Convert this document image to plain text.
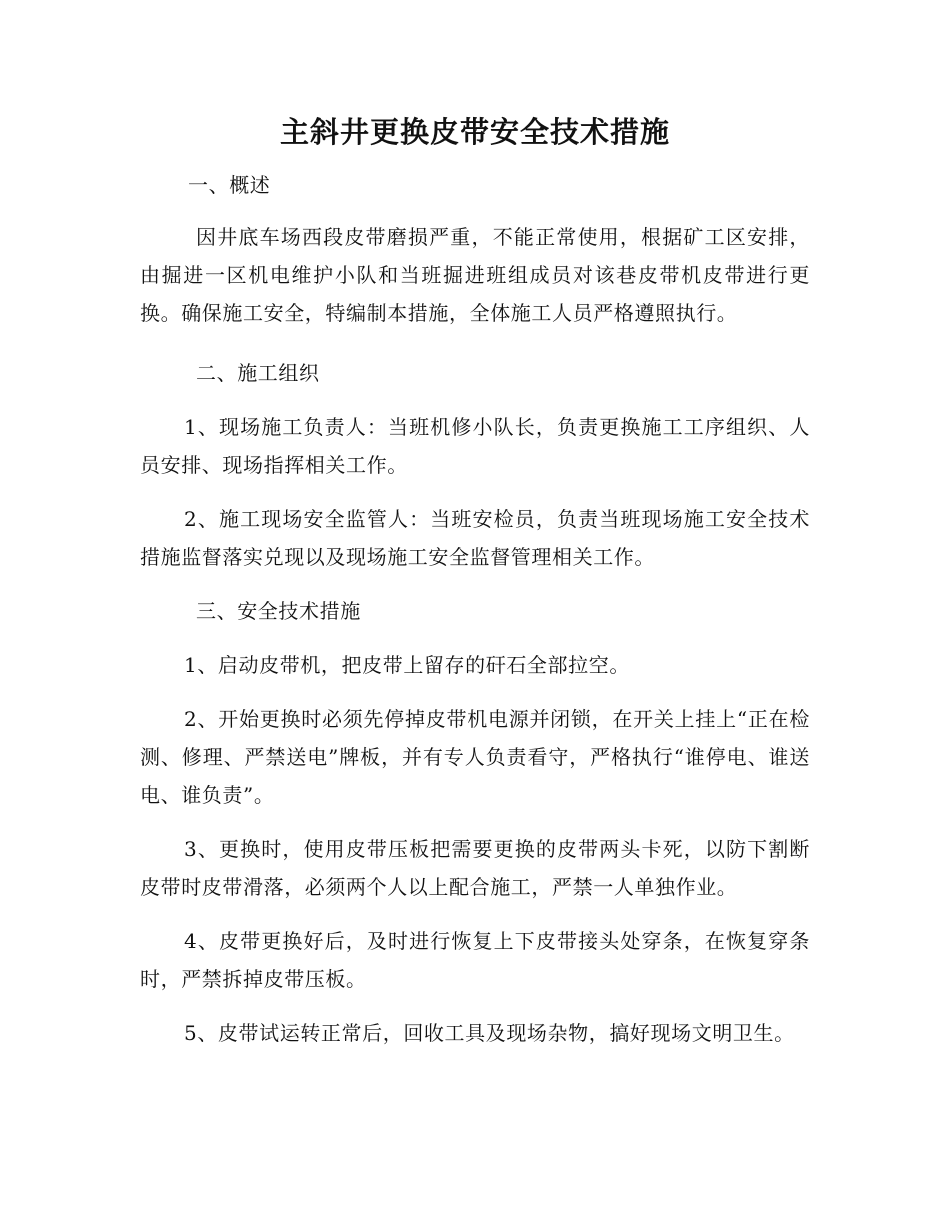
主斜井更换皮带安全技术措施

一、概述

因井底车场西段皮带磨损严重，不能正常使用，根据矿工区安排，由掘进一区机电维护小队和当班掘进班组成员对该巷皮带机皮带进行更换。确保施工安全，特编制本措施，全体施工人员严格遵照执行。

二、施工组织

1、现场施工负责人：当班机修小队长，负责更换施工工序组织、人员安排、现场指挥相关工作。

2、施工现场安全监管人：当班安检员，负责当班现场施工安全技术措施监督落实兑现以及现场施工安全监督管理相关工作。

三、安全技术措施

1、启动皮带机，把皮带上留存的矸石全部拉空。

2、开始更换时必须先停掉皮带机电源并闭锁，在开关上挂上“正在检测、修理、严禁送电”牌板，并有专人负责看守，严格执行“谁停电、谁送电、谁负责”。

3、更换时，使用皮带压板把需要更换的皮带两头卡死，以防下割断皮带时皮带滑落，必须两个人以上配合施工，严禁一人单独作业。

4、皮带更换好后，及时进行恢复上下皮带接头处穿条，在恢复穿条时，严禁拆掉皮带压板。

5、皮带试运转正常后，回收工具及现场杂物，搞好现场文明卫生。
